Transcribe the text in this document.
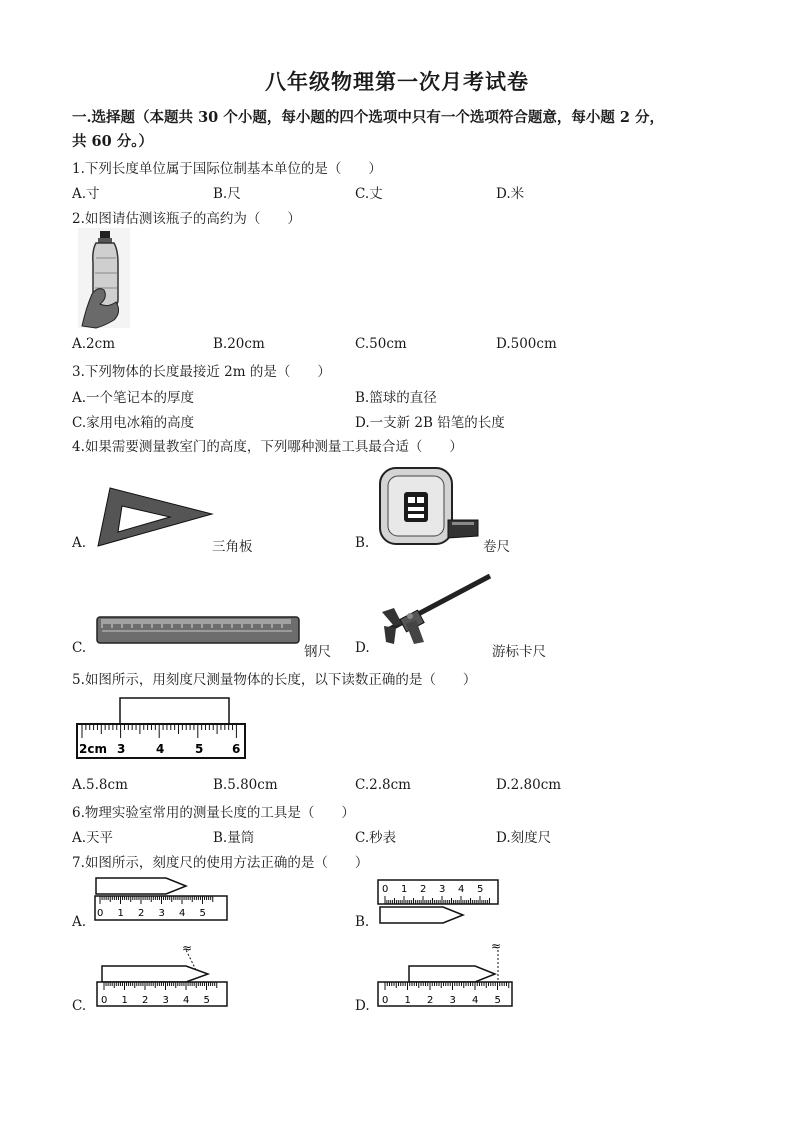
八年级物理第一次月考试卷
一.选择题（本题共 30 个小题，每小题的四个选项中只有一个选项符合题意，每小题 2 分，
共 60 分。）
1.下列长度单位属于国际位制基本单位的是（　　）
A.寸	B.尺	C.丈	D.米
2.如图请估测该瓶子的高约为（　　）
A.2cm	B.20cm	C.50cm	D.500cm
3.下列物体的长度最接近 2m 的是（　　）
A.一个笔记本的厚度	B.篮球的直径
C.家用电冰箱的高度	D.一支新 2B 铅笔的长度
4.如果需要测量教室门的高度，下列哪种测量工具最合适（　　）
A.	三角板	B.	卷尺
C.	钢尺 D.	游标卡尺
5.如图所示，用刻度尺测量物体的长度，以下读数正确的是（　　）
2cm 3	4	5 6
A.5.8cm	B.5.80cm	C.2.8cm	D.2.80cm
6.物理实验室常用的测量长度的工具是（　　）
A.天平	B.量筒	C.秒表	D.刻度尺
7.如图所示，刻度尺的使用方法正确的是（　　）
0 1 2 3 4 5
A.
0 1 2 3 4 5
B.
≈
0 1 2 3 4 5
C.
≈
0 1 2 3 4 5
D.
